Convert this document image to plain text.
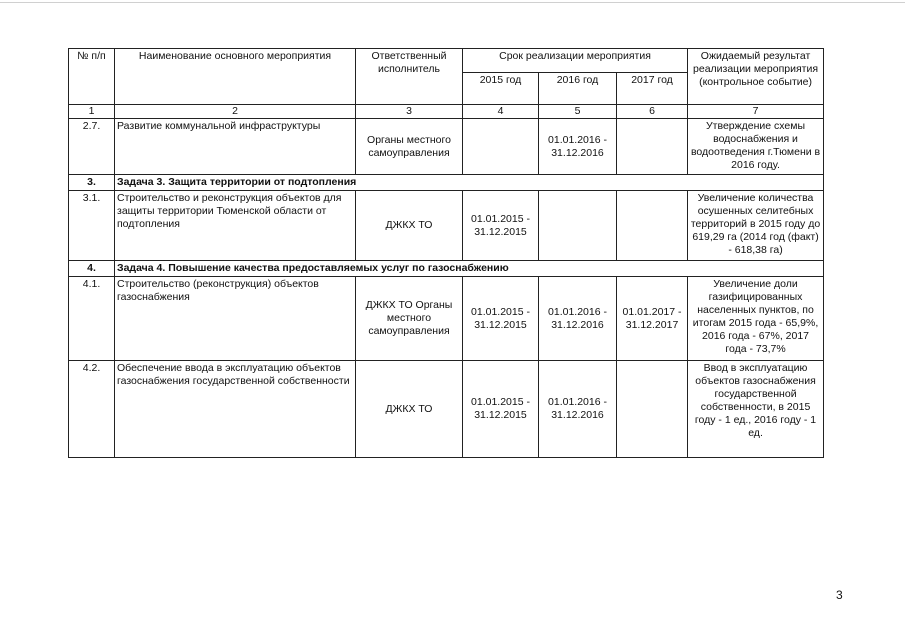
№ п/п	Наименование основного мероприятия	Ответственный исполнитель	Срок реализации мероприятия			Ожидаемый результат реализации мероприятия (контрольное событие)
			2015 год	2016 год	2017 год	
1	2	3	4	5	6	7
2.7.	Развитие коммунальной инфраструктуры	Органы местного самоуправления		01.01.2016 - 31.12.2016		Утверждение схемы водоснабжения и водоотведения г.Тюмени в 2016 году.
3.	Задача 3. Защита территории от подтопления					
3.1.	Строительство и реконструкция объектов для защиты территории Тюменской области от подтопления	ДЖКХ ТО	01.01.2015 - 31.12.2015			Увеличение количества осушенных селитебных территорий в 2015 году до 619,29 га (2014 год (факт) - 618,38 га)
4.	Задача 4. Повышение качества предоставляемых услуг по газоснабжению					
4.1.	Строительство (реконструкция) объектов газоснабжения	ДЖКХ ТО Органы местного самоуправления	01.01.2015 - 31.12.2015	01.01.2016 - 31.12.2016	01.01.2017 - 31.12.2017	Увеличение доли газифицированных населенных пунктов, по итогам 2015 года - 65,9%, 2016 года - 67%, 2017 года - 73,7%
4.2.	Обеспечение ввода в эксплуатацию объектов газоснабжения государственной собственности	ДЖКХ ТО	01.01.2015 - 31.12.2015	01.01.2016 - 31.12.2016		Ввод в эксплуатацию объектов газоснабжения государственной собственности, в 2015 году - 1 ед., 2016 году - 1 ед.
3
